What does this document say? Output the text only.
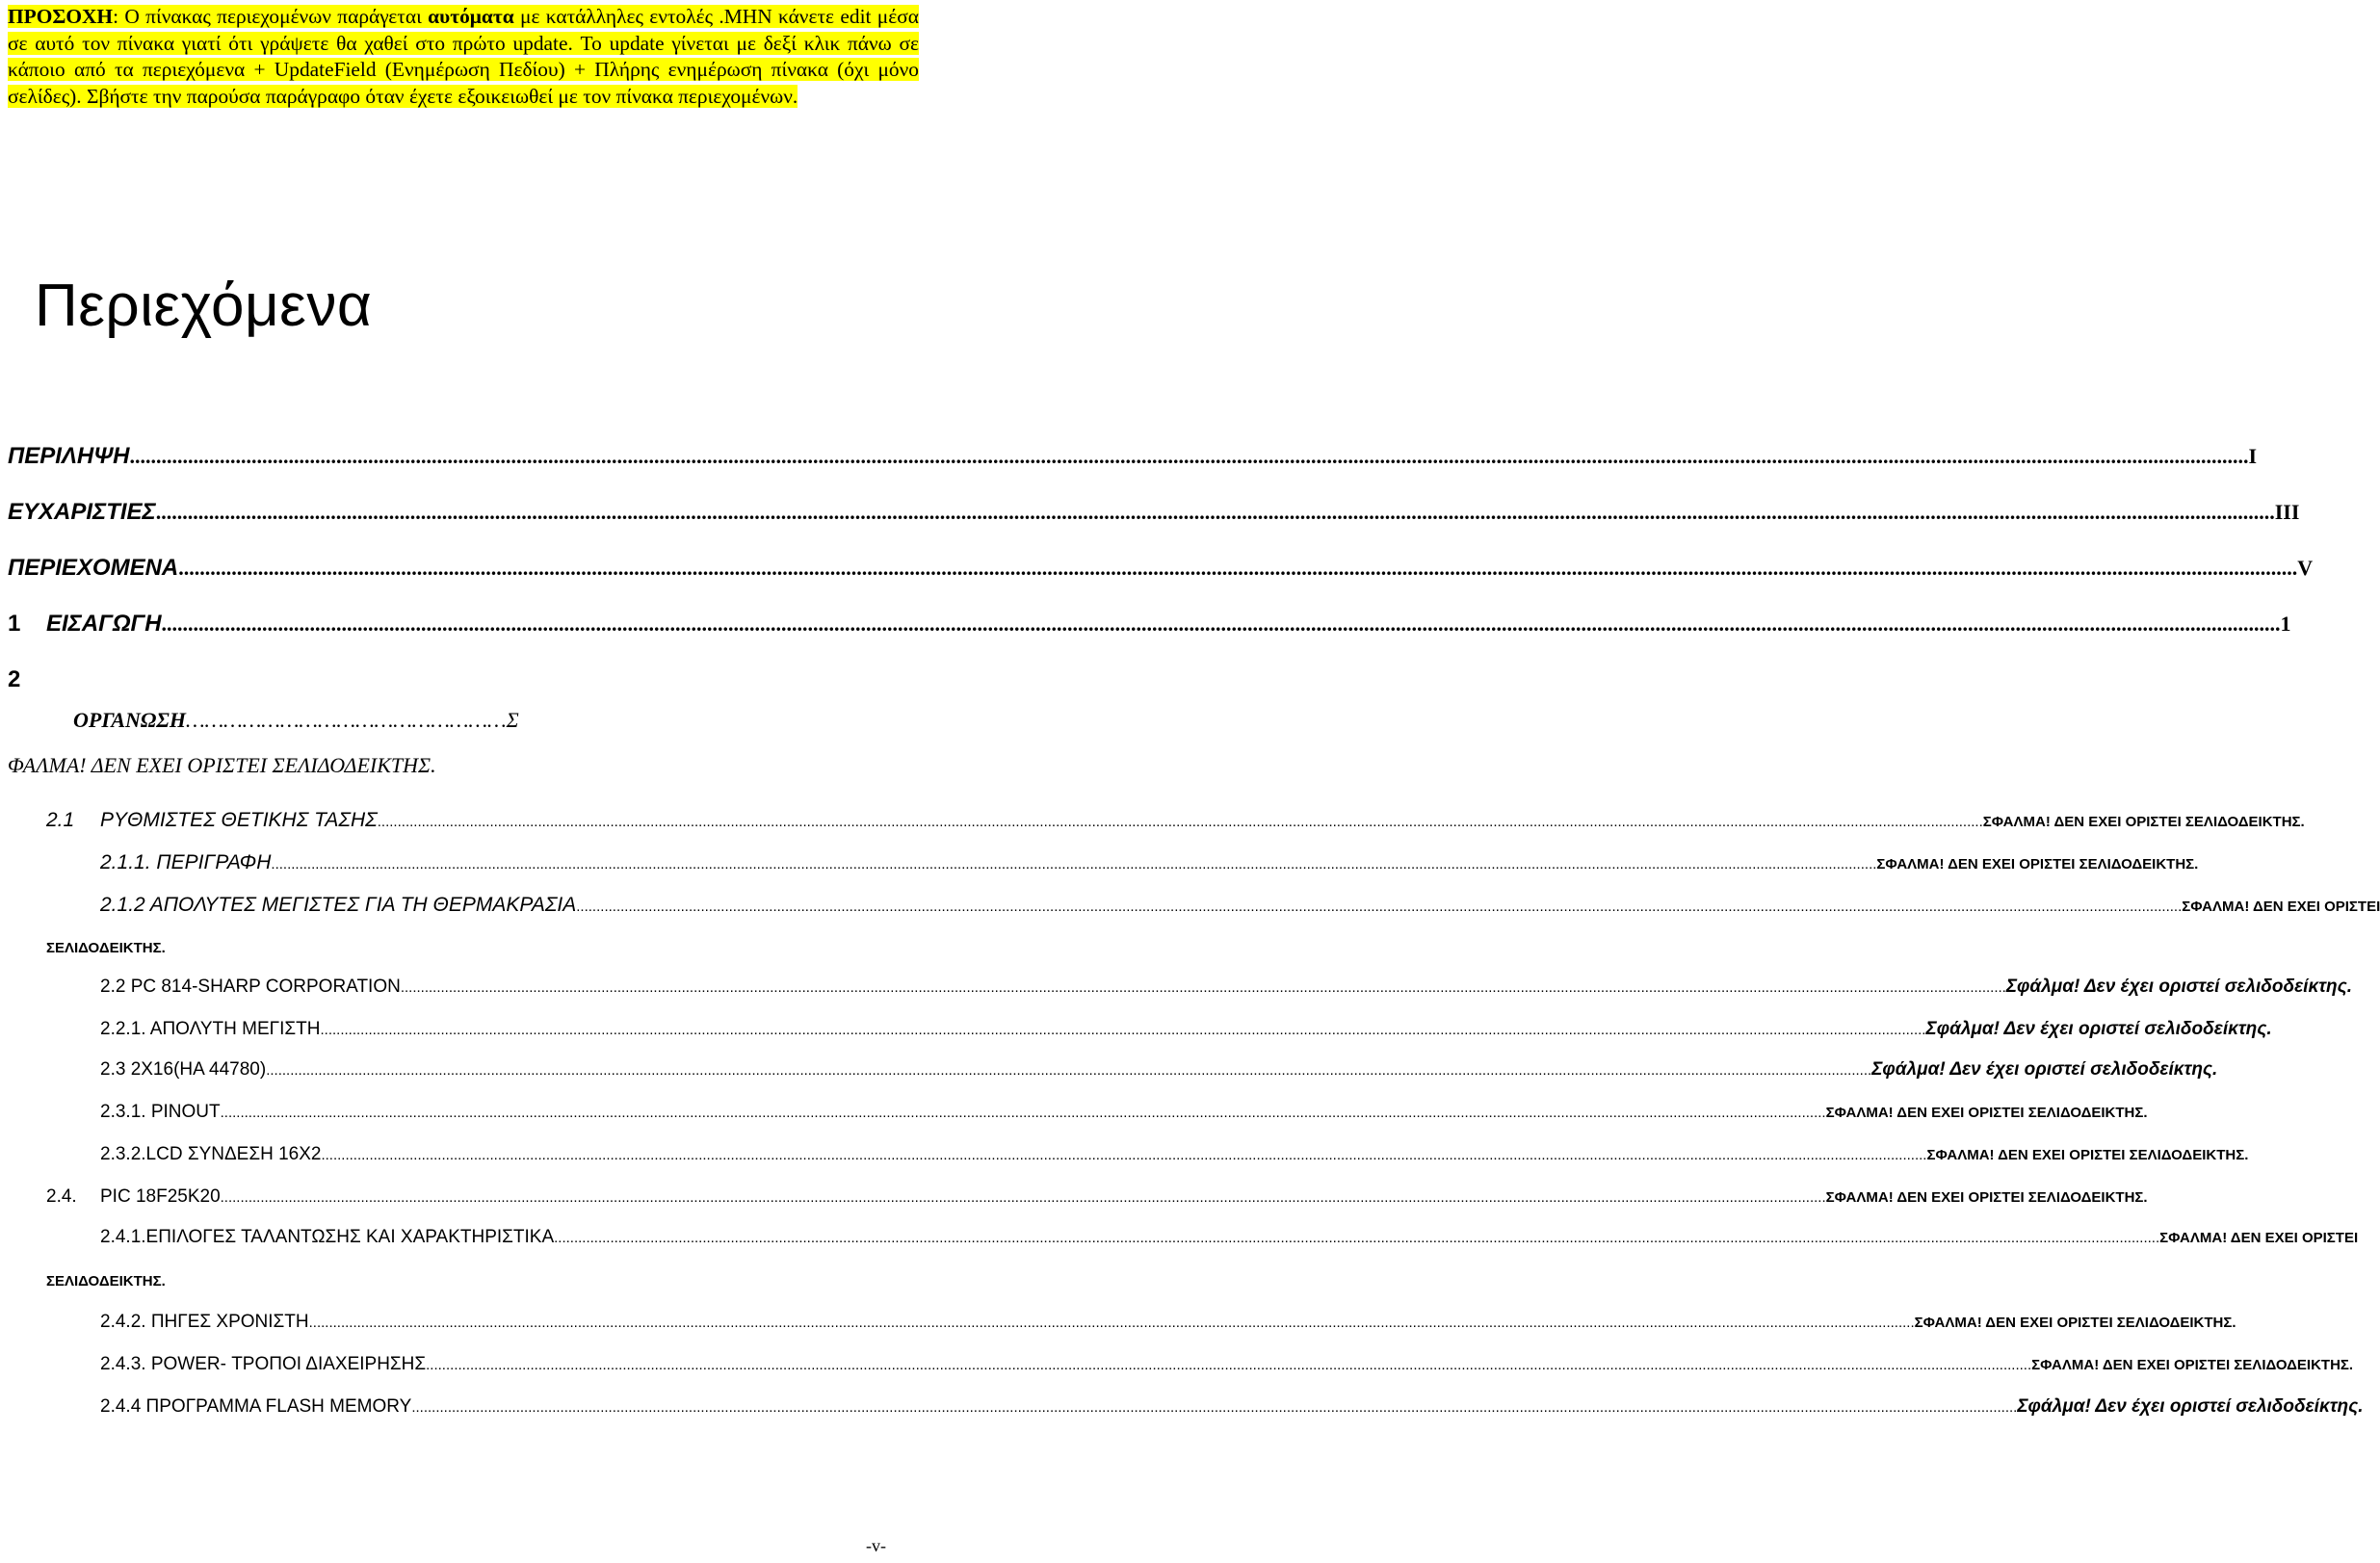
ΠΡΟΣΟΧΗ: Ο πίνακας περιεχομένων παράγεται αυτόματα με κατάλληλες εντολές .ΜΗΝ κάνετε edit μέσα σε αυτό τον πίνακα γιατί ότι γράψετε θα χαθεί στο πρώτο update. Το update γίνεται με δεξί κλικ πάνω σε κάποιο από τα περιεχόμενα + UpdateField (Ενημέρωση Πεδίου) + Πλήρης ενημέρωση πίνακα (όχι μόνο σελίδες). Σβήστε την παρούσα παράγραφο όταν έχετε εξοικειωθεί με τον πίνακα περιεχομένων.
Περιεχόμενα
ΠΕΡΙΛΗΨΗ ................................................................................................................................................................................................................................................................................................................................................................................................................ I
ΕΥΧΑΡΙΣΤΙΕΣ ................................................................................................................................................................................................................................................................................................................................................................................................................ III
ΠΕΡΙΕΧΟΜΕΝΑ ................................................................................................................................................................................................................................................................................................................................................................................................................ V
1 ΕΙΣΑΓΩΓΗ ................................................................................................................................................................................................................................................................................................................................................................................................................ 1
2
ΟΡΓΑΝΩΣΗ……………………………………………Σ
ΦΑΛΜΑ! ΔΕΝ ΕΧΕΙ ΟΡΙΣΤΕΙ ΣΕΛΙΔΟΔΕΙΚΤΗΣ.
2.1 ΡΥΘΜΙΣΤΕΣ ΘΕΤΙΚΗΣ ΤΑΣΗΣ ................................................................................................................................................................................................................................................................................................................................................................................................................ ΣΦΑΛΜΑ! ΔΕΝ ΕΧΕΙ ΟΡΙΣΤΕΙ ΣΕΛΙΔΟΔΕΙΚΤΗΣ.
2.1.1. ΠΕΡΙΓΡΑΦΗ ................................................................................................................................................................................................................................................................................................................................................................................................................ ΣΦΑΛΜΑ! ΔΕΝ ΕΧΕΙ ΟΡΙΣΤΕΙ ΣΕΛΙΔΟΔΕΙΚΤΗΣ.
2.1.2 ΑΠΟΛΥΤΕΣ ΜΕΓΙΣΤΕΣ ΓΙΑ ΤΗ ΘΕΡΜΑΚΡΑΣΙΑ ................................................................................................................................................................................................................................................................................................................................................................................................................ ΣΦΑΛΜΑ! ΔΕΝ ΕΧΕΙ ΟΡΙΣΤΕΙ
ΣΕΛΙΔΟΔΕΙΚΤΗΣ.
2.2 PC 814-SHARP CORPORATION ................................................................................................................................................................................................................................................................................................................................................................................................................ Σφάλμα! Δεν έχει οριστεί σελιδοδείκτης.
2.2.1. ΑΠΟΛΥΤΗ ΜΕΓΙΣΤΗ ................................................................................................................................................................................................................................................................................................................................................................................................................ Σφάλμα! Δεν έχει οριστεί σελιδοδείκτης.
2.3 2X16(HA 44780) ................................................................................................................................................................................................................................................................................................................................................................................................................ Σφάλμα! Δεν έχει οριστεί σελιδοδείκτης.
2.3.1. PINOUT ................................................................................................................................................................................................................................................................................................................................................................................................................ ΣΦΑΛΜΑ! ΔΕΝ ΕΧΕΙ ΟΡΙΣΤΕΙ ΣΕΛΙΔΟΔΕΙΚΤΗΣ.
2.3.2.LCD ΣΥΝΔΕΣΗ 16Χ2 ................................................................................................................................................................................................................................................................................................................................................................................................................ ΣΦΑΛΜΑ! ΔΕΝ ΕΧΕΙ ΟΡΙΣΤΕΙ ΣΕΛΙΔΟΔΕΙΚΤΗΣ.
2.4. PIC 18F25K20 ................................................................................................................................................................................................................................................................................................................................................................................................................ ΣΦΑΛΜΑ! ΔΕΝ ΕΧΕΙ ΟΡΙΣΤΕΙ ΣΕΛΙΔΟΔΕΙΚΤΗΣ.
2.4.1.ΕΠΙΛΟΓΕΣ ΤΑΛΑΝΤΩΣΗΣ ΚΑΙ ΧΑΡΑΚΤΗΡΙΣΤΙΚΑ ................................................................................................................................................................................................................................................................................................................................................................................................................ ΣΦΑΛΜΑ! ΔΕΝ ΕΧΕΙ ΟΡΙΣΤΕΙ
ΣΕΛΙΔΟΔΕΙΚΤΗΣ.
2.4.2. ΠΗΓΕΣ ΧΡΟΝΙΣΤΗ ................................................................................................................................................................................................................................................................................................................................................................................................................ ΣΦΑΛΜΑ! ΔΕΝ ΕΧΕΙ ΟΡΙΣΤΕΙ ΣΕΛΙΔΟΔΕΙΚΤΗΣ.
2.4.3. POWER- ΤΡΟΠΟΙ ΔΙΑΧΕΙΡΗΣΗΣ ................................................................................................................................................................................................................................................................................................................................................................................................................ ΣΦΑΛΜΑ! ΔΕΝ ΕΧΕΙ ΟΡΙΣΤΕΙ ΣΕΛΙΔΟΔΕΙΚΤΗΣ.
2.4.4 ΠΡΟΓΡΑΜΜΑ FLASH MEMORY ................................................................................................................................................................................................................................................................................................................................................................................................................ Σφάλμα! Δεν έχει οριστεί σελιδοδείκτης.
-v-
